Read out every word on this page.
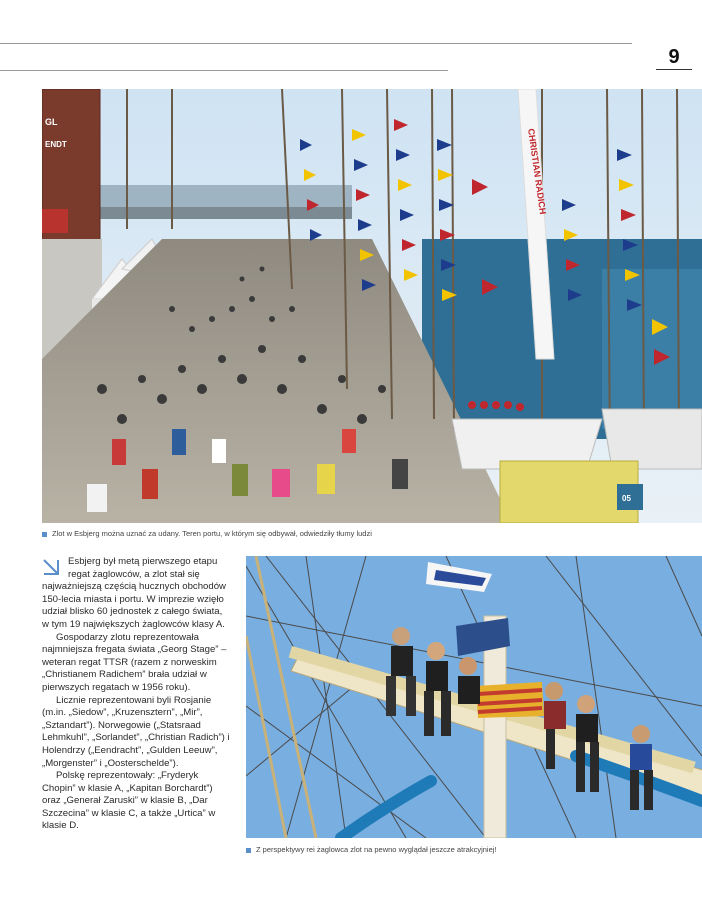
9
GL
ENDT	CHRISTIAN RADICH
05
Zlot w Esbjerg można uznać za udany. Teren portu, w którym się odbywał, odwiedziły tłumy ludzi

Esbjerg był metą pierwszego etapu regat żaglowców, a zlot stał się najważniejszą częścią hucznych obchodów 150-lecia miasta i portu. W imprezie wzięło udział blisko 60 jednostek z całego świata, w tym 19 największych żaglowców klasy A.

Gospodarzy zlotu reprezentowała najmniejsza fregata świata „Georg Stage” – weteran regat TTSR (razem z norweskim „Christianem Radichem” brała udział w pierwszych regatach w 1956 roku).

Licznie reprezentowani byli Rosjanie (m.in. „Siedow”, „Kruzensztern”, „Mir”, „Sztandart”). Norwegowie („Statsraad Lehmkuhl”, „Sorlandet”, „Christian Radich”) i Holendrzy („Eendracht”, „Gulden Leeuw”, „Morgenster” i „Oosterschelde”).

Polskę reprezentowały: „Fryderyk Chopin” w klasie A, „Kapitan Borchardt”) oraz „Generał Zaruski” w klasie B, „Dar Szczecina” w klasie C, a także „Urtica” w klasie D.

Z perspektywy rei żaglowca zlot na pewno wyglądał jeszcze atrakcyjniej!
